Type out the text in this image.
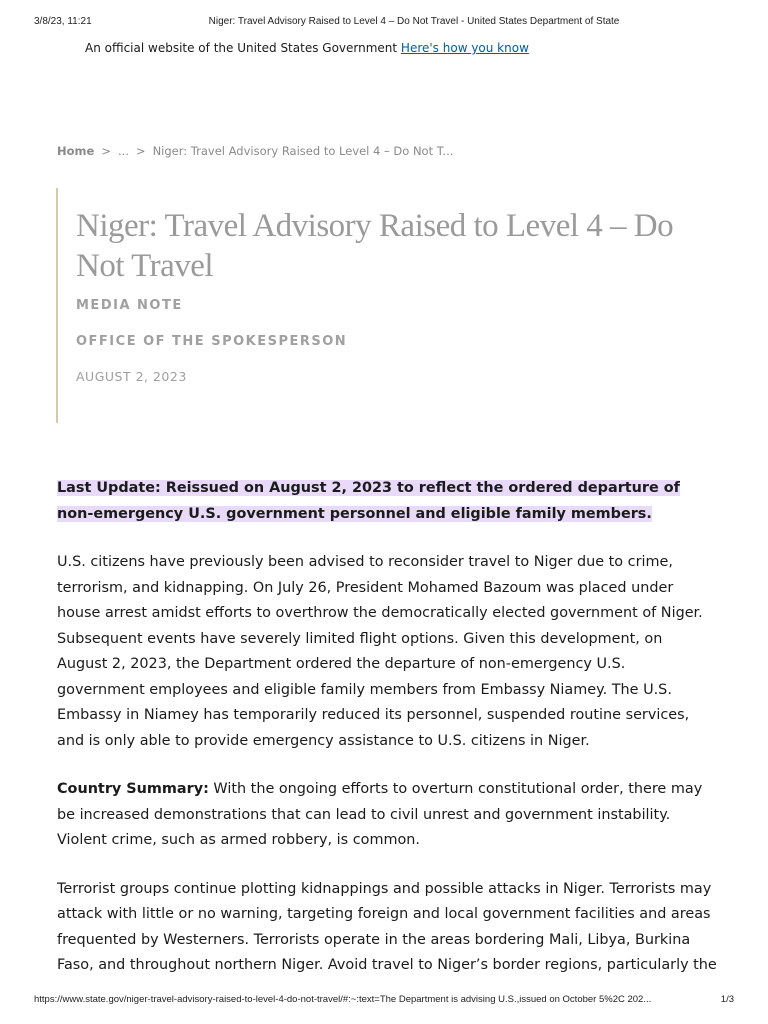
3/8/23, 11:21	Niger: Travel Advisory Raised to Level 4 – Do Not Travel - United States Department of State
An official website of the United States Government Here's how you know
Home > ... > Niger: Travel Advisory Raised to Level 4 – Do Not T...
Niger: Travel Advisory Raised to Level 4 – Do Not Travel
MEDIA NOTE
OFFICE OF THE SPOKESPERSON
AUGUST 2, 2023

Last Update: Reissued on August 2, 2023 to reflect the ordered departure of non-emergency U.S. government personnel and eligible family members.

U.S. citizens have previously been advised to reconsider travel to Niger due to crime, terrorism, and kidnapping. On July 26, President Mohamed Bazoum was placed under house arrest amidst efforts to overthrow the democratically elected government of Niger. Subsequent events have severely limited flight options. Given this development, on August 2, 2023, the Department ordered the departure of non-emergency U.S. government employees and eligible family members from Embassy Niamey. The U.S. Embassy in Niamey has temporarily reduced its personnel, suspended routine services, and is only able to provide emergency assistance to U.S. citizens in Niger.

Country Summary: With the ongoing efforts to overturn constitutional order, there may be increased demonstrations that can lead to civil unrest and government instability. Violent crime, such as armed robbery, is common.

Terrorist groups continue plotting kidnappings and possible attacks in Niger. Terrorists may attack with little or no warning, targeting foreign and local government facilities and areas frequented by Westerners. Terrorists operate in the areas bordering Mali, Libya, Burkina Faso, and throughout northern Niger. Avoid travel to Niger’s border regions, particularly the

https://www.state.gov/niger-travel-advisory-raised-to-level-4-do-not-travel/#:~:text=The Department is advising U.S.,issued on October 5%2C 202...	1/3
